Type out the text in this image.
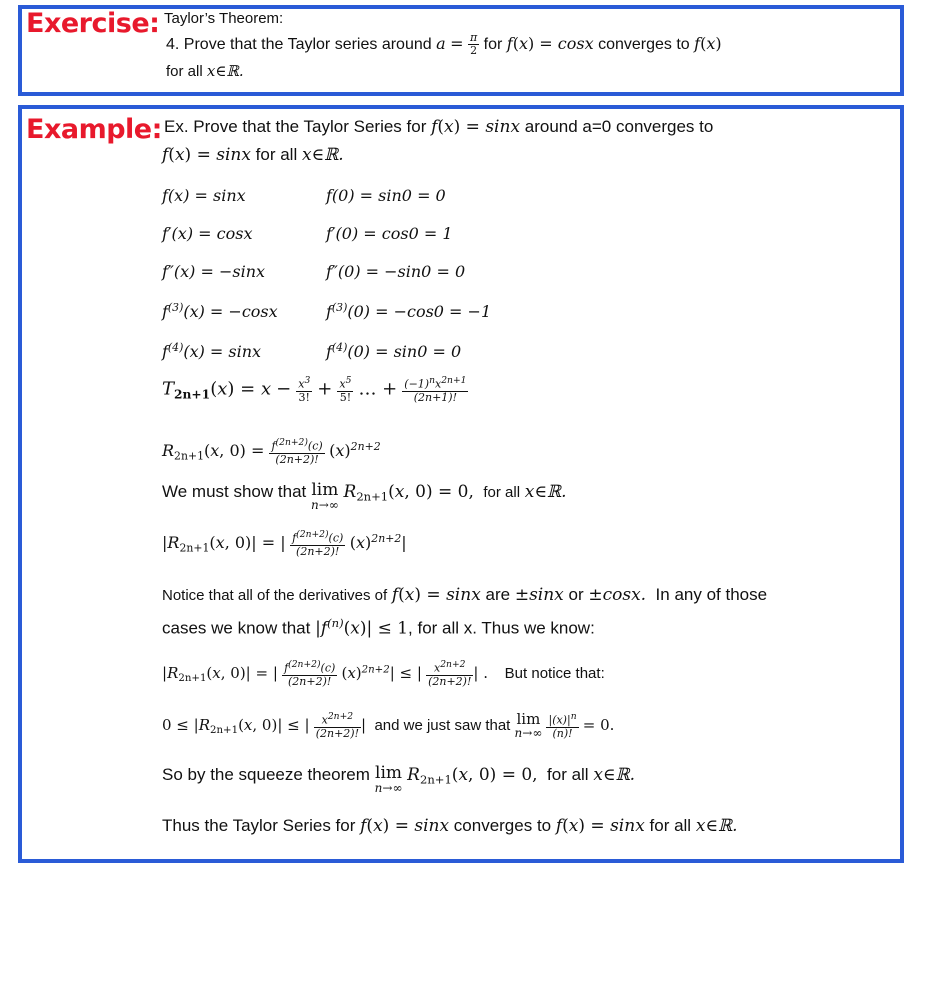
Exercise: Taylor’s Theorem:
4. Prove that the Taylor series around $a = \frac{\pi}{2}$ for f(x) = cosx converges to f(x)
for all x∈ℝ.
Example: Ex. Prove that the Taylor Series for f(x) = sinx around a=0 converges to
f(x) = sinx for all x∈ℝ.
f(x) = sinx	f(0) = sin0 = 0
f′(x) = cosx	f′(0) = cos0 = 1
f″(x) = −sinx	f″(0) = −sin0 = 0
$f^{(3)}(x) = -\cos x$	$f^{(3)}(0) = -\cos 0 = -1$
$f^{(4)}(x) = \sin x$	$f^{(4)}(0) = \sin 0 = 0$
$T_{2n+1}(x) = x - \frac{x^3}{3!} + \frac{x^5}{5!}$ … + $\frac{(-1)^nx^{2n+1}}{(2n+1)!}$
$R_{2n+1}(x$, $0) = \frac{f^{(2n+2)}(c)}{(2n+2)!} (x)^{2n+2}$
We must show that lim
n→∞
$R_{2n+1}(x$, 0) = 0, for all x∈ℝ.
$|R_{2n+1}(x$, 0)| = | $\frac{f^{(2n+2)}(c)}{(2n+2)!} (x)^{2n+2}|$
Notice that all of the derivatives of f(x) = sinx are ±sinx or ±cosx. In any of those
cases we know that $|f^{(n)}(x)| \le 1$, for all x. Thus we know:
$|R_{2n+1}(x$, 0)| = | $\frac{f^{(2n+2)}(c)}{(2n+2)!} (x)^{2n+2}|$ ≤ | $\frac{x^{2n+2}}{(2n+2)!}$ | . But notice that:
$0 \le |R_{2n+1}(x$, 0)| ≤ | $\frac{x^{2n+2}}{(2n+2)!}$ | and we just saw that lim
n→∞
$\frac{|(x)|^n}{(n)!} = 0$.
So by the squeeze theorem lim
n→∞
$R_{2n+1}(x$, 0) = 0, for all x∈ℝ.
Thus the Taylor Series for f(x) = sinx converges to f(x) = sinx for all x∈ℝ.
